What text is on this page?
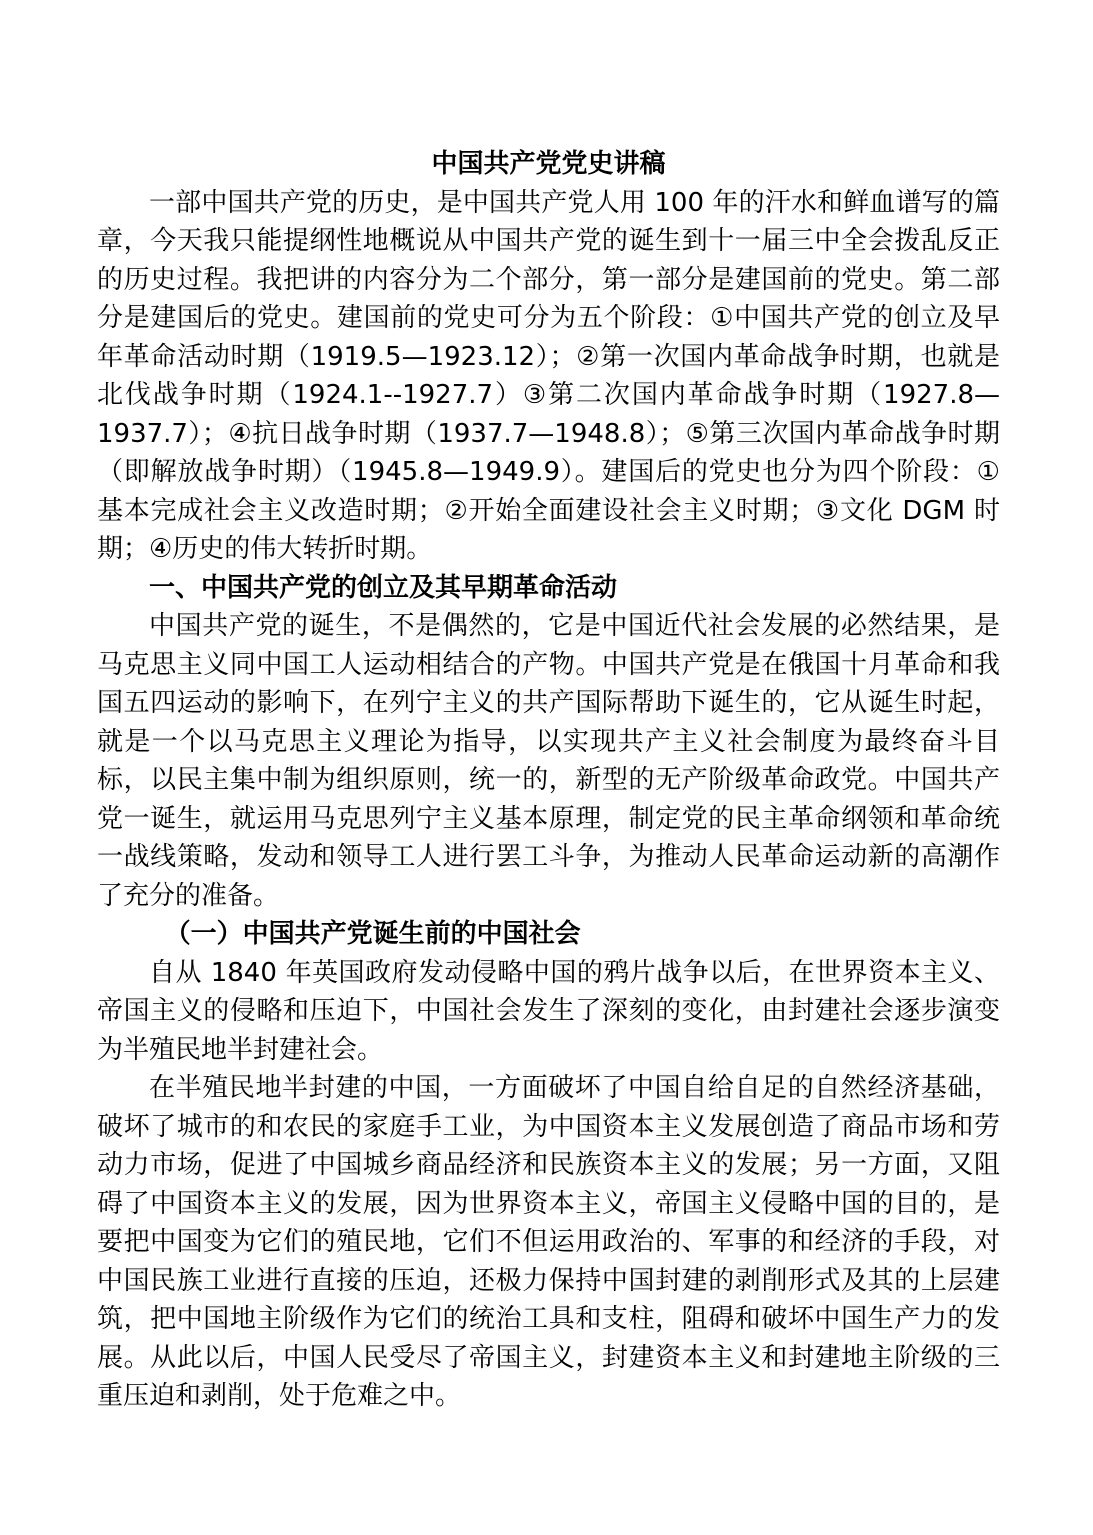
中国共产党党史讲稿

一部中国共产党的历史，是中国共产党人用 100 年的汗水和鲜血谱写的篇章，今天我只能提纲性地概说从中国共产党的诞生到十一届三中全会拨乱反正的历史过程。我把讲的内容分为二个部分，第一部分是建国前的党史。第二部分是建国后的党史。建国前的党史可分为五个阶段：①中国共产党的创立及早年革命活动时期（1919.5—1923.12）；②第一次国内革命战争时期，也就是北伐战争时期（1924.1--1927.7）③第二次国内革命战争时期（1927.8—1937.7）；④抗日战争时期（1937.7—1948.8）；⑤第三次国内革命战争时期（即解放战争时期）（1945.8—1949.9）。建国后的党史也分为四个阶段：①基本完成社会主义改造时期；②开始全面建设社会主义时期；③文化 DGM 时期；④历史的伟大转折时期。

一、中国共产党的创立及其早期革命活动

中国共产党的诞生，不是偶然的，它是中国近代社会发展的必然结果，是马克思主义同中国工人运动相结合的产物。中国共产党是在俄国十月革命和我国五四运动的影响下，在列宁主义的共产国际帮助下诞生的，它从诞生时起，就是一个以马克思主义理论为指导，以实现共产主义社会制度为最终奋斗目标，以民主集中制为组织原则，统一的，新型的无产阶级革命政党。中国共产党一诞生，就运用马克思列宁主义基本原理，制定党的民主革命纲领和革命统一战线策略，发动和领导工人进行罢工斗争，为推动人民革命运动新的高潮作了充分的准备。

（一）中国共产党诞生前的中国社会

自从 1840 年英国政府发动侵略中国的鸦片战争以后，在世界资本主义、帝国主义的侵略和压迫下，中国社会发生了深刻的变化，由封建社会逐步演变为半殖民地半封建社会。

在半殖民地半封建的中国，一方面破坏了中国自给自足的自然经济基础，破坏了城市的和农民的家庭手工业，为中国资本主义发展创造了商品市场和劳动力市场，促进了中国城乡商品经济和民族资本主义的发展；另一方面，又阻碍了中国资本主义的发展，因为世界资本主义，帝国主义侵略中国的目的，是要把中国变为它们的殖民地，它们不但运用政治的、军事的和经济的手段，对中国民族工业进行直接的压迫，还极力保持中国封建的剥削形式及其的上层建筑，把中国地主阶级作为它们的统治工具和支柱，阻碍和破坏中国生产力的发展。从此以后，中国人民受尽了帝国主义，封建资本主义和封建地主阶级的三重压迫和剥削，处于危难之中。
